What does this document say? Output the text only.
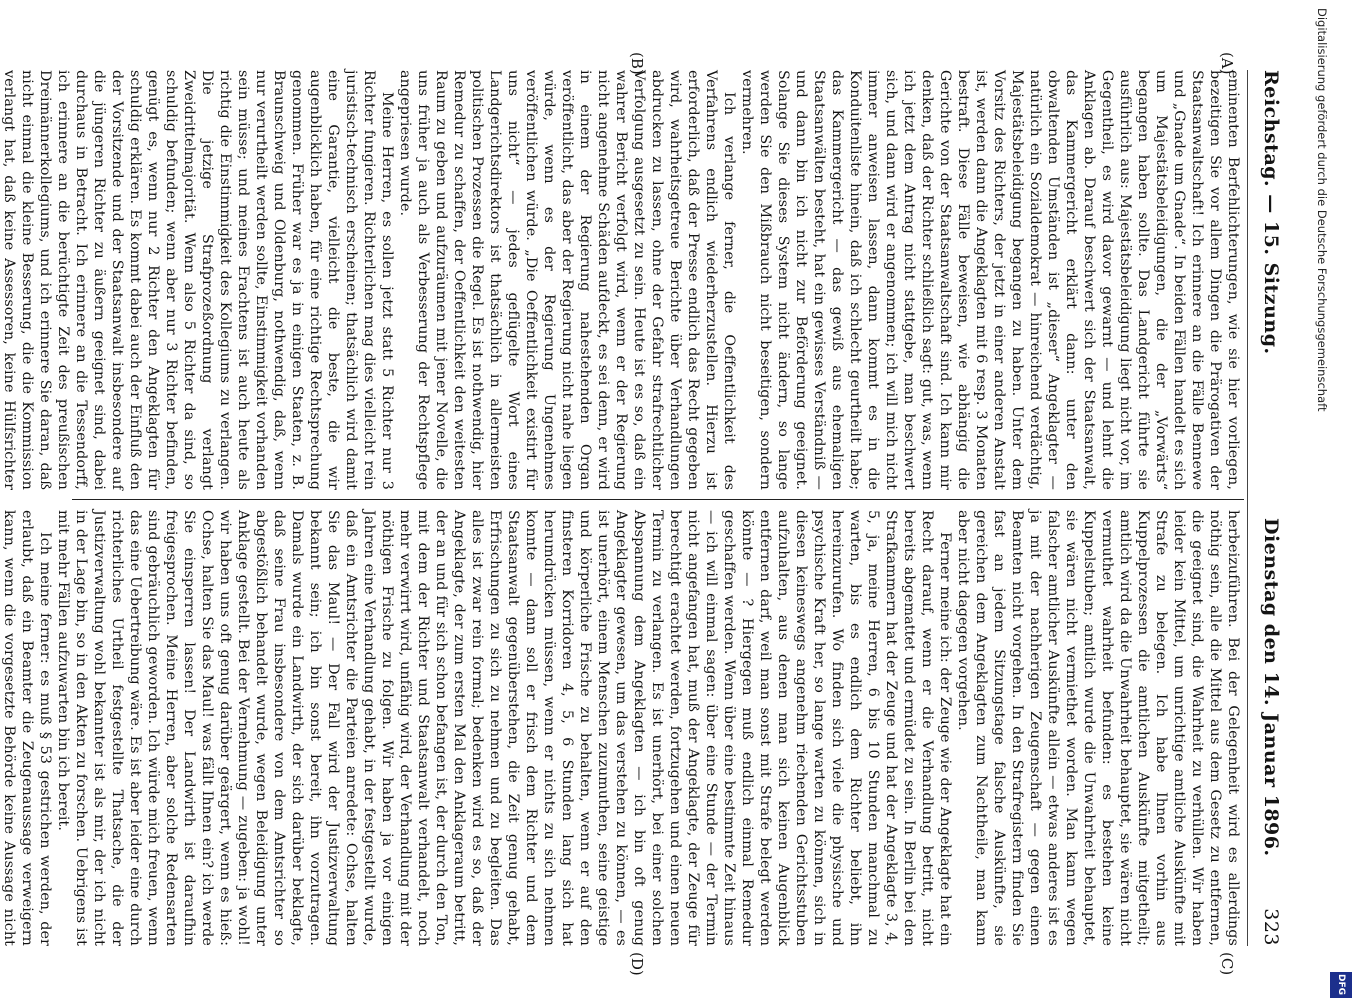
Reichstag. — 15. Sitzung.
Dienstag den 14. Januar 1896.
323
(A)
(B)
(C)
(D)

eminenten Berfehlichterungen, wie sie hier vorliegen, bezeitigen Sie vor allem Dingen die Prärogativen der Staatsanwaltschaft! Ich erinnere an die Fälle Bennewe und „Gnade um Gnade“. In beiden Fällen handelt es sich um Majestätsbeleidigungen, die der „Vorwärts“ begangen haben sollte. Das Landgericht führte sie ausführlich aus: Majestätsbeleidigung liegt nicht vor, im Gegentheil, es wird davor gewarnt — und lehnt die Anklagen ab. Darauf beschwert sich der Staatsanwalt, das Kammergericht erklärt dann: unter den obwaltenden Umständen ist „dieser“ Angeklagter — natürlich ein Sozialdemokrat — hinreichend verdächtig, Majestätsbeleidigung begangen zu haben. Unter dem Vorsitz des Richters, der jetzt in einer anderen Anstalt ist, werden dann die Angeklagten mit 6 resp. 3 Monaten bestraft. Diese Fälle beweisen, wie abhängig die Gerichte von der Staatsanwaltschaft sind. Ich kann mir denken, daß der Richter schließlich sagt: gut, was, wenn ich jetzt dem Antrag nicht stattgebe, man beschwert sich, und dann wird er angenommen; ich will mich nicht immer anweisen lassen, dann kommt es in die Konduitenliste hinein, daß ich schlecht geurtheilt habe; das Kammergericht — das gewiß aus ehemaligen Staatsanwälten besteht, hat ein gewisses Verständniß — und dann bin ich nicht zur Beförderung geeignet. Solange Sie dieses System nicht ändern, so lange werden Sie den Mißbrauch nicht beseitigen, sondern vermehren.

Ich verlange ferner, die Oeffentlichkeit des Verfahrens endlich wiederherzustellen. Hierzu ist erforderlich, daß der Presse endlich das Recht gegeben wird, wahrheitsgetreue Berichte über Verhandlungen abdrucken zu lassen, ohne der Gefahr strafrechtlicher Verfolgung ausgesetzt zu sein. Heute ist es so, daß ein wahrer Bericht verfolgt wird, wenn er der Regierung nicht angenehme Schäden aufdeckt, es sei denn, er wird in einem der Regierung nahestehenden Organ veröffentlicht, das aber der Regierung nicht nahe liegen würde, wenn es der Regierung Ungenehmes veröffentlichen würde. „Die Oeffentlichkeit existirt für uns nicht“ — jedes geflügelte Wort eines Landgerichtsdirektors ist thatsächlich in allermeisten politischen Prozessen die Regel. Es ist nothwendig, hier Remedur zu schaffen, der Oeffentlichkeit den weitesten Raum zu geben und aufzuräumen mit jener Novelle, die uns früher ja auch als Verbesserung der Rechtspflege angepriesen wurde.

Meine Herren, es sollen jetzt statt 5 Richter nur 3 Richter fungieren. Richterlichen mag dies vielleicht rein juristisch-technisch erscheinen; thatsächlich wird damit eine Garantie, vielleicht die beste, die wir augenblicklich haben, für eine richtige Rechtsprechung genommen. Früher war es ja in einigen Staaten, z. B. Braunschweig und Oldenburg, nothwendig, daß, wenn nur verurtheilt werden sollte, Einstimmigkeit vorhanden sein müsse; und meines Erachtens ist auch heute als richtig die Einstimmigkeit des Kollegiums zu verlangen. Die jetzige Strafprozeßordnung verlangt Zweidrittelmajorität. Wenn also 5 Richter da sind, so schuldig befunden; wenn aber nur 3 Richter befinden, genügt es, wenn nur 2 Richter den Angeklagten für schuldig erklären. Es kommt dabei auch der Einfluß den der Vorsitzende und der Staatsanwalt insbesondere auf die jüngeren Richter zu äußern geeignet sind, dabei durchaus in Betracht. Ich erinnere an die Tessendorff, ich erinnere an die berüchtigte Zeit des preußischen Dreimännerkollegiums, und ich erinnere Sie daran, daß nicht einmal die kleine Besserung, die die Kommission verlangt hat, daß keine Assessoren, keine Hülfsrichter

herbeizuführen. Bei der Gelegenheit wird es allerdings nöthig sein, alle die Mittel aus dem Gesetz zu entfernen, die geeignet sind, die Wahrheit zu verhüllen. Wir haben leider kein Mittel, um unrichtige amtliche Auskünfte mit Strafe zu belegen. Ich habe Ihnen vorhin aus Kuppelprozessen die amtlichen Auskünfte mitgetheilt; amtlich wird da die Unwahrheit behauptet, sie wären nicht vermuthet wahrheit befunden: es bestehen keine Kuppelstuben; amtlich wurde die Unwahrheit behauptet, sie wären nicht vermiethet worden. Man kann wegen falscher amtlicher Auskünfte allein — etwas anderes ist es ja mit der nachherigen Zeugenschaft — gegen einen Beamten nicht vorgehen. In den Strafregistern finden Sie fast an jedem Sitzungstage falsche Auskünfte, sie gereichen dem Angeklagten zum Nachtheile, man kann aber nicht dagegen vorgehen.

Ferner meine ich: der Zeuge wie der Angeklagte hat ein Recht darauf, wenn er die Verhandlung betritt, nicht bereits abgemattet und ermüdet zu sein. In Berlin bei den Strafkammern hat der Zeuge und hat der Angeklagte 3, 4, 5, ja, meine Herren, 6 bis 10 Stunden manchmal zu warten, bis es endlich dem Richter beliebt, ihn hereinzurufen. Wo finden sich viele die physische und psychische Kraft her, so lange warten zu können, sich in diesen keineswegs angenehm riechenden Gerichtsstuben aufzuhalten, aus denen man sich keinen Augenblick entfernen darf, weil man sonst mit Strafe belegt werden könnte — ? Hiergegen muß endlich einmal Remedur geschaffen werden. Wenn über eine bestimmte Zeit hinaus — ich will einmal sagen: über eine Stunde — der Termin nicht angefangen hat, muß der Angeklagte, der Zeuge für berechtigt erachtet werden, fortzugehen und einen neuen Termin zu verlangen. Es ist unerhört, bei einer solchen Abspannung dem Angeklagten — ich bin oft genug Angeklagter gewesen, um das verstehen zu können, — es ist unerhört, einem Menschen zuzumuthen, seine geistige und körperliche Frische zu behalten, wenn er auf den finsteren Korridoren 4, 5, 6 Stunden lang sich hat herumdrücken müssen, wenn er nichts zu sich nehmen konnte — dann soll er frisch dem Richter und dem Staatsanwalt gegenüberstehen, die Zeit genug gehabt, Erfrischungen zu sich zu nehmen und zu begleiten. Das alles ist zwar rein formal; bedenken wird es so, daß der Angeklagte, der zum ersten Mal den Anklageraum betritt, der an und für sich schon befangen ist, der durch den Ton, mit dem der Richter und Staatsanwalt verhandelt, noch mehr verwirrt wird, unfähig wird, der Verhandlung mit der nöthigen Frische zu folgen. Wir haben ja vor einigen Jahren eine Verhandlung gehabt, in der festgestellt wurde, daß ein Amtsrichter die Parteien anredete: Ochse, halten Sie das Maul! — Der Fall wird der Justizverwaltung bekannt sein; ich bin sonst bereit, ihn vorzutragen. Damals wurde ein Landwirth, der sich darüber beklagte, daß seine Frau insbesondere von dem Amtsrichter so abgestößlich behandelt wurde, wegen Beleidigung unter Anklage gestellt. Bei der Vernehmung — zugeben: ja wohl! wir haben uns oft genug darüber geärgert, wenn es hieß: Ochse, halten Sie das Maul! was fällt Ihnen ein? ich werde Sie einsperren lassen! Der Landwirth ist daraufhin freigesprochen. Meine Herren, aber solche Redensarten sind gebräuchlich geworden. Ich würde mich freuen, wenn das eine Uebertreibung wäre. Es ist aber leider eine durch richterliches Urtheil festgestellte Thatsache, die der Justizverwaltung wohl bekannter ist als mir, der ich nicht in der Lage bin, so in den Akten zu forschen. Uebrigens ist mit mehr Fällen aufzuwarten bin ich bereit.

Ich meine ferner: es muß § 53 gestrichen werden, der erlaubt, daß ein Beamter die Zeugenaussage verweigern kann, wenn die vorgesetzte Behörde keine Aussage nicht

Digitalisierung gefördert durch die Deutsche Forschungsgemeinschaft
DFG
